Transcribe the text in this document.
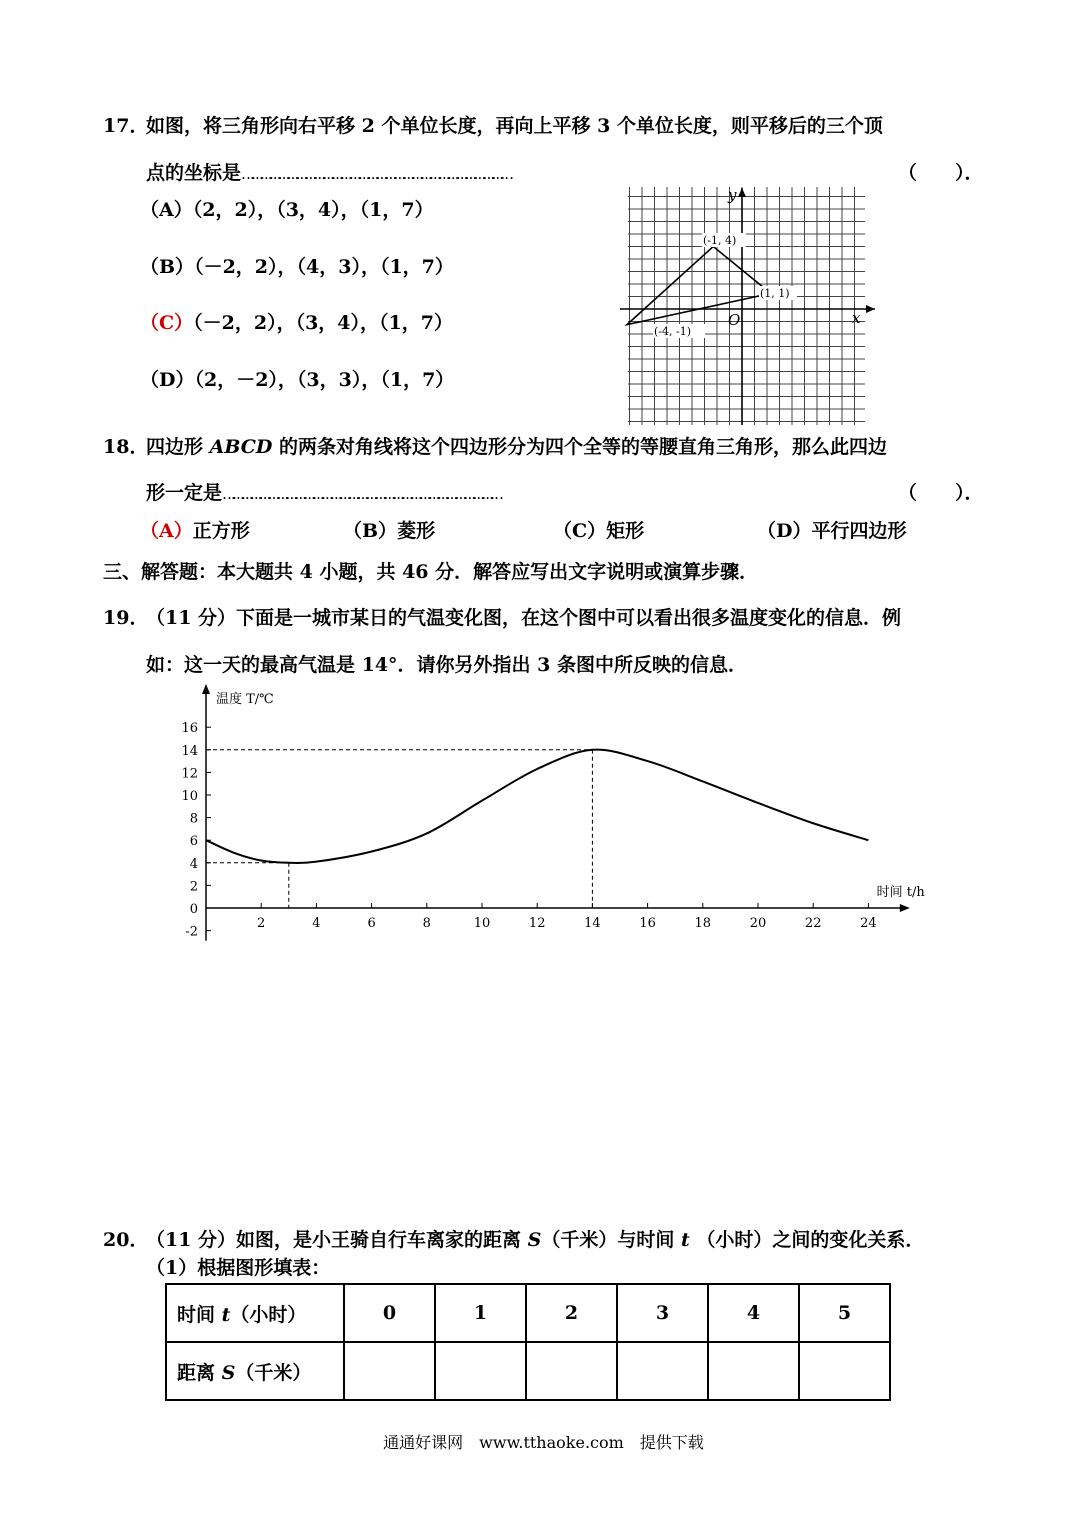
17．
如图，将三角形向右平移 2 个单位长度，再向上平移 3 个单位长度，则平移后的三个顶
点的坐标是………………………………………………………………………………	（　　）．
（A）（2，2），（3，4），（1，7）
（B）（－2，2），（4，3），（1，7）
（C）（－2，2），（3，4），（1，7）
（D）（2，－2），（3，3），（1，7）
x
y
O
(-1, 4)
(1, 1)
(-4, -1)
18．
四边形 ABCD 的两条对角线将这个四边形分为四个全等的等腰直角三角形，那么此四边
形一定是…………………………………………………………………………………	（　　）．
（A）正方形	（B）菱形	（C）矩形	（D）平行四边形
三、解答题：本大题共 4 小题，共 46 分．解答应写出文字说明或演算步骤．
19．
（11 分）下面是一城市某日的气温变化图，在这个图中可以看出很多温度变化的信息．例
如：这一天的最高气温是 14°．请你另外指出 3 条图中所反映的信息．
2	4	6	8	10	12	14	16	18	20	22	24
-2
0
2
4
6
8
10
12
14
16
温度 T/℃
时间 t/h
20．
（11 分）如图，是小王骑自行车离家的距离 S（千米）与时间 t （小时）之间的变化关系．
（1）根据图形填表：
时间 t（小时）	0	1	2	3	4	5
距离 S（千米）						
通通好课网　www.tthaoke.com　提供下载
